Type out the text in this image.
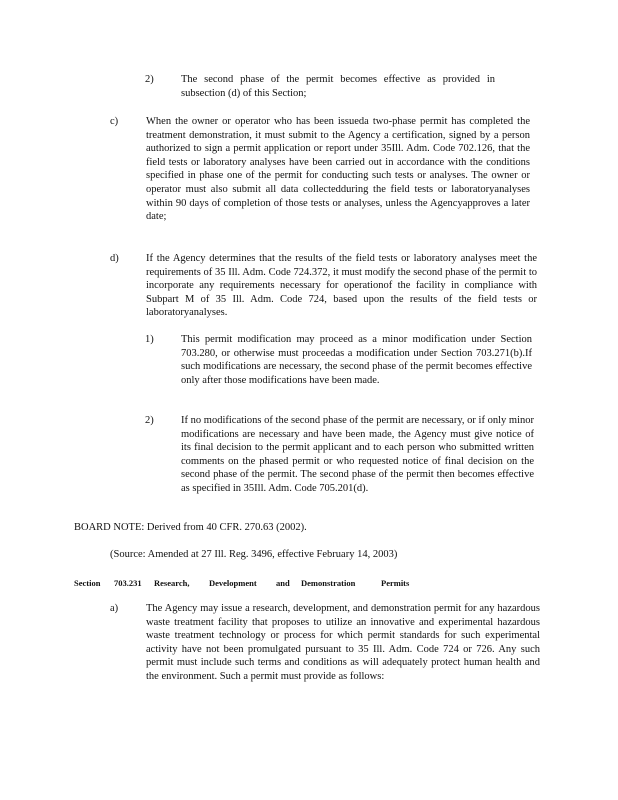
2)	The second phase of the permit becomes effective as provided in subsection (d) of this Section;
c)	When the owner or operator who has been issueda two-phase permit has completed the treatment demonstration, it must submit to the Agency a certification, signed by a person authorized to sign a permit application or report under 35Ill. Adm. Code 702.126, that the field tests or laboratory analyses have been carried out in accordance with the conditions specified in phase one of the permit for conducting such tests or analyses. The owner or operator must also submit all data collectedduring the field tests or laboratoryanalyses within 90 days of completion of those tests or analyses, unless the Agencyapproves a later date;
d)	If the Agency determines that the results of the field tests or laboratory analyses meet the requirements of 35 Ill. Adm. Code 724.372, it must modify the second phase of the permit to incorporate any requirements necessary for operationof the facility in compliance with Subpart M of 35 Ill. Adm. Code 724, based upon the results of the field tests or laboratoryanalyses.
1)	This permit modification may proceed as a minor modification under Section 703.280, or otherwise must proceedas a modification under Section 703.271(b).If such modifications are necessary, the second phase of the permit becomes effective only after those modifications have been made.
2)	If no modifications of the second phase of the permit are necessary, or if only minor modifications are necessary and have been made, the Agency must give notice of its final decision to the permit applicant and to each person who submitted written comments on the phased permit or who requested notice of final decision on the second phase of the permit. The second phase of the permit then becomes effective as specified in 35Ill. Adm. Code 705.201(d).
BOARD NOTE: Derived from 40 CFR. 270.63 (2002).
(Source: Amended at 27 Ill. Reg. 3496, effective February 14, 2003)
Section	703.231	Research,	Development	and	Demonstration	Permits
a)	The Agency may issue a research, development, and demonstration permit for any hazardous waste treatment facility that proposes to utilize an innovative and experimental hazardous waste treatment technology or process for which permit standards for such experimental activity have not been promulgated pursuant to 35 Ill. Adm. Code 724 or 726. Any such permit must include such terms and conditions as will adequately protect human health and the environment. Such a permit must provide as follows:
